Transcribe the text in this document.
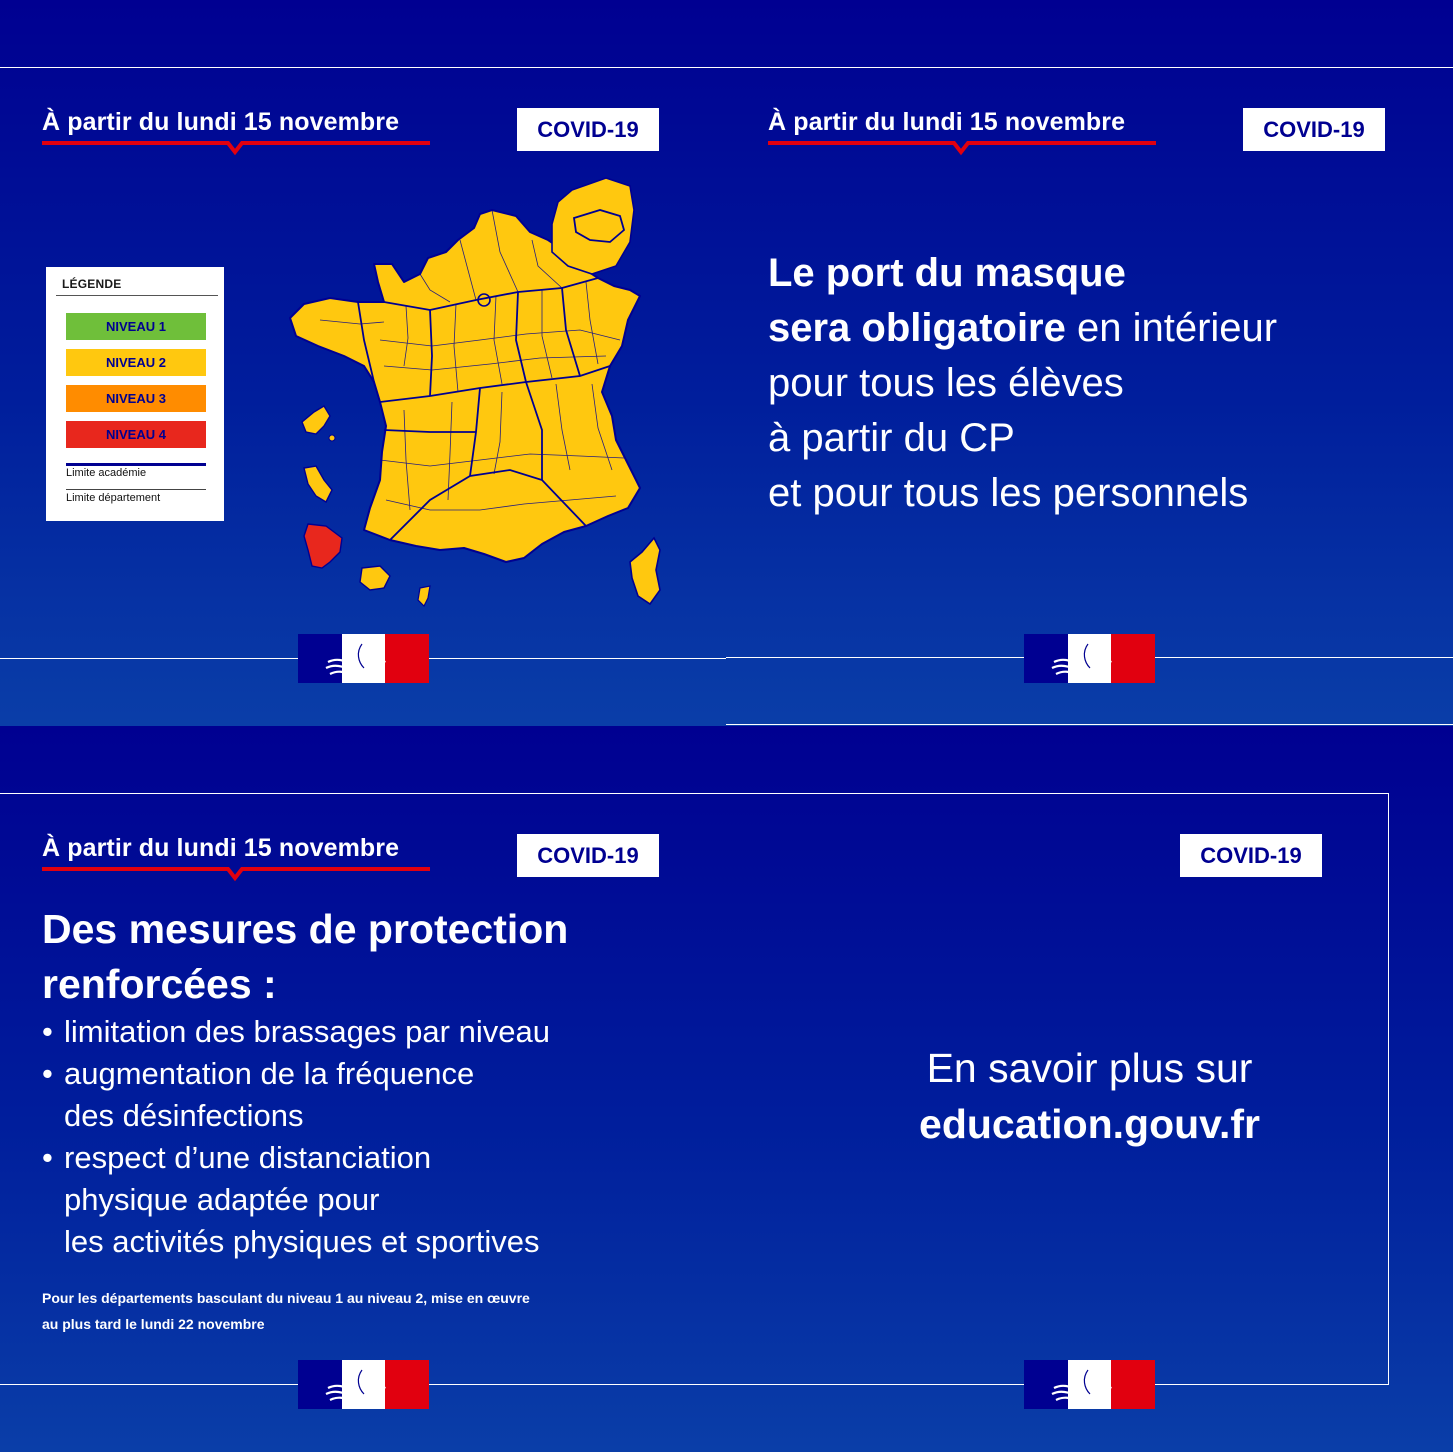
À partir du lundi 15 novembre	COVID-19
LÉGENDE
NIVEAU 1
NIVEAU 2
NIVEAU 3
NIVEAU 4
Limite académie
Limite département
À partir du lundi 15 novembre	COVID-19
Le port du masque
sera obligatoire en intérieur
pour tous les élèves
à partir du CP
et pour tous les personnels
À partir du lundi 15 novembre	COVID-19
Des mesures de protection
renforcées :
• limitation des brassages par niveau
• augmentation de la fréquence
des désinfections
• respect d’une distanciation
physique adaptée pour
les activités physiques et sportives
Pour les départements basculant du niveau 1 au niveau 2, mise en œuvre
au plus tard le lundi 22 novembre
COVID-19
En savoir plus sur
education.gouv.fr
